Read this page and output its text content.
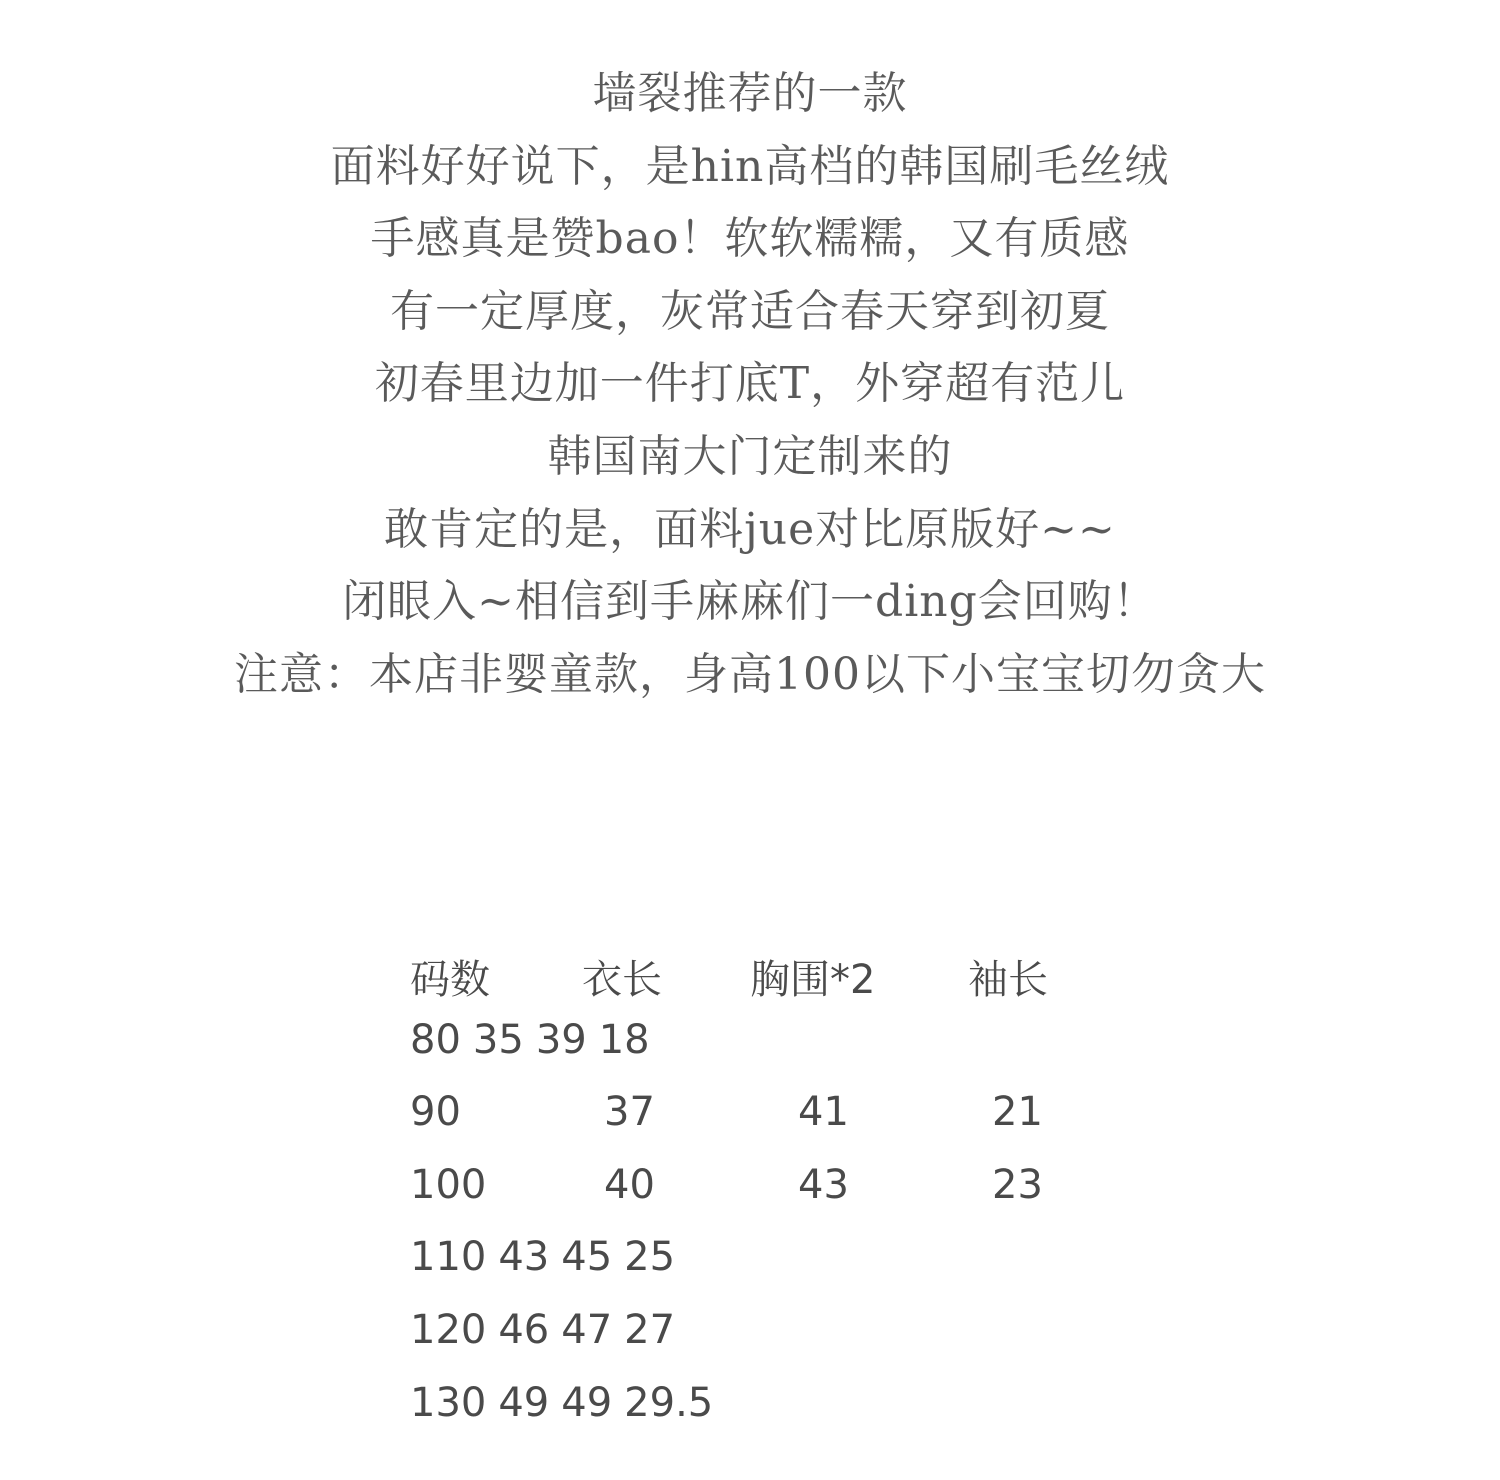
墙裂推荐的一款
面料好好说下，是hin高档的韩国刷毛丝绒
手感真是赞bao！软软糯糯，又有质感
有一定厚度，灰常适合春天穿到初夏
初春里边加一件打底T，外穿超有范儿
韩国南大门定制来的
敢肯定的是，面料jue对比原版好~~
闭眼入~相信到手麻麻们一ding会回购！
注意：本店非婴童款，身高100以下小宝宝切勿贪大
码数 衣长 胸围*2 袖长
80 35 39 18
90	37	41	21
100	40	43	23
110 43 45 25
120 46 47 27
130 49 49 29.5
